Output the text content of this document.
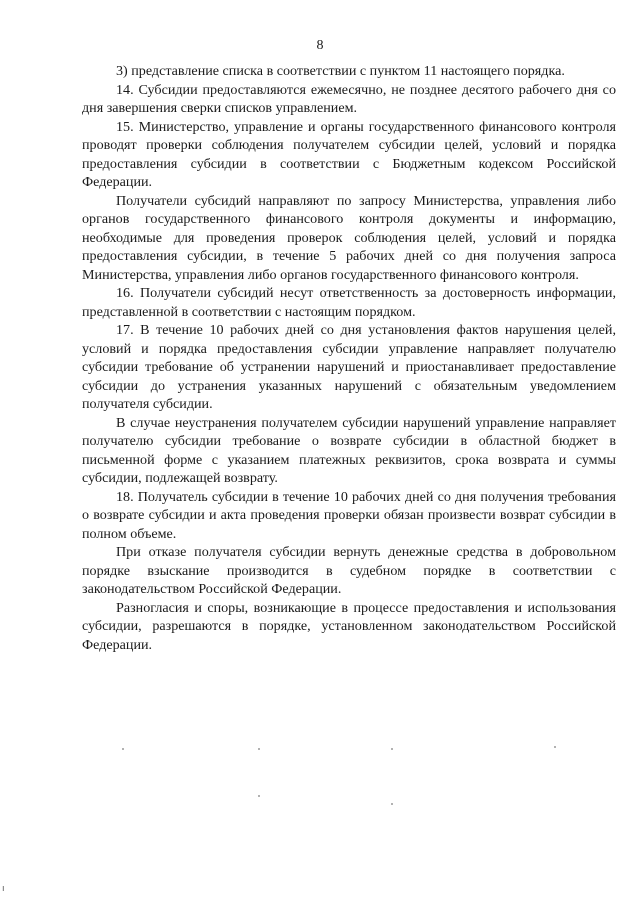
8

3) представление списка в соответствии с пунктом 11 настоящего порядка.

14. Субсидии предоставляются ежемесячно, не позднее десятого рабочего дня со дня завершения сверки списков управлением.

15. Министерство, управление и органы государственного финансового контроля проводят проверки соблюдения получателем субсидии целей, условий и порядка предоставления субсидии в соответствии с Бюджетным кодексом Российской Федерации.

Получатели субсидий направляют по запросу Министерства, управления либо органов государственного финансового контроля документы и информацию, необходимые для проведения проверок соблюдения целей, условий и порядка предоставления субсидии, в течение 5 рабочих дней со дня получения запроса Министерства, управления либо органов государственного финансового контроля.

16. Получатели субсидий несут ответственность за достоверность информации, представленной в соответствии с настоящим порядком.

17. В течение 10 рабочих дней со дня установления фактов нарушения целей, условий и порядка предоставления субсидии управление направляет получателю субсидии требование об устранении нарушений и приостанавливает предоставление субсидии до устранения указанных нарушений с обязательным уведомлением получателя субсидии.

В случае неустранения получателем субсидии нарушений управление направляет получателю субсидии требование о возврате субсидии в областной бюджет в письменной форме с указанием платежных реквизитов, срока возврата и суммы субсидии, подлежащей возврату.

18. Получатель субсидии в течение 10 рабочих дней со дня получения требования о возврате субсидии и акта проведения проверки обязан произвести возврат субсидии в полном объеме.

При отказе получателя субсидии вернуть денежные средства в добровольном порядке взыскание производится в судебном порядке в соответствии с законодательством Российской Федерации.

Разногласия и споры, возникающие в процессе предоставления и использования субсидии, разрешаются в порядке, установленном законодательством Российской Федерации.

ı
